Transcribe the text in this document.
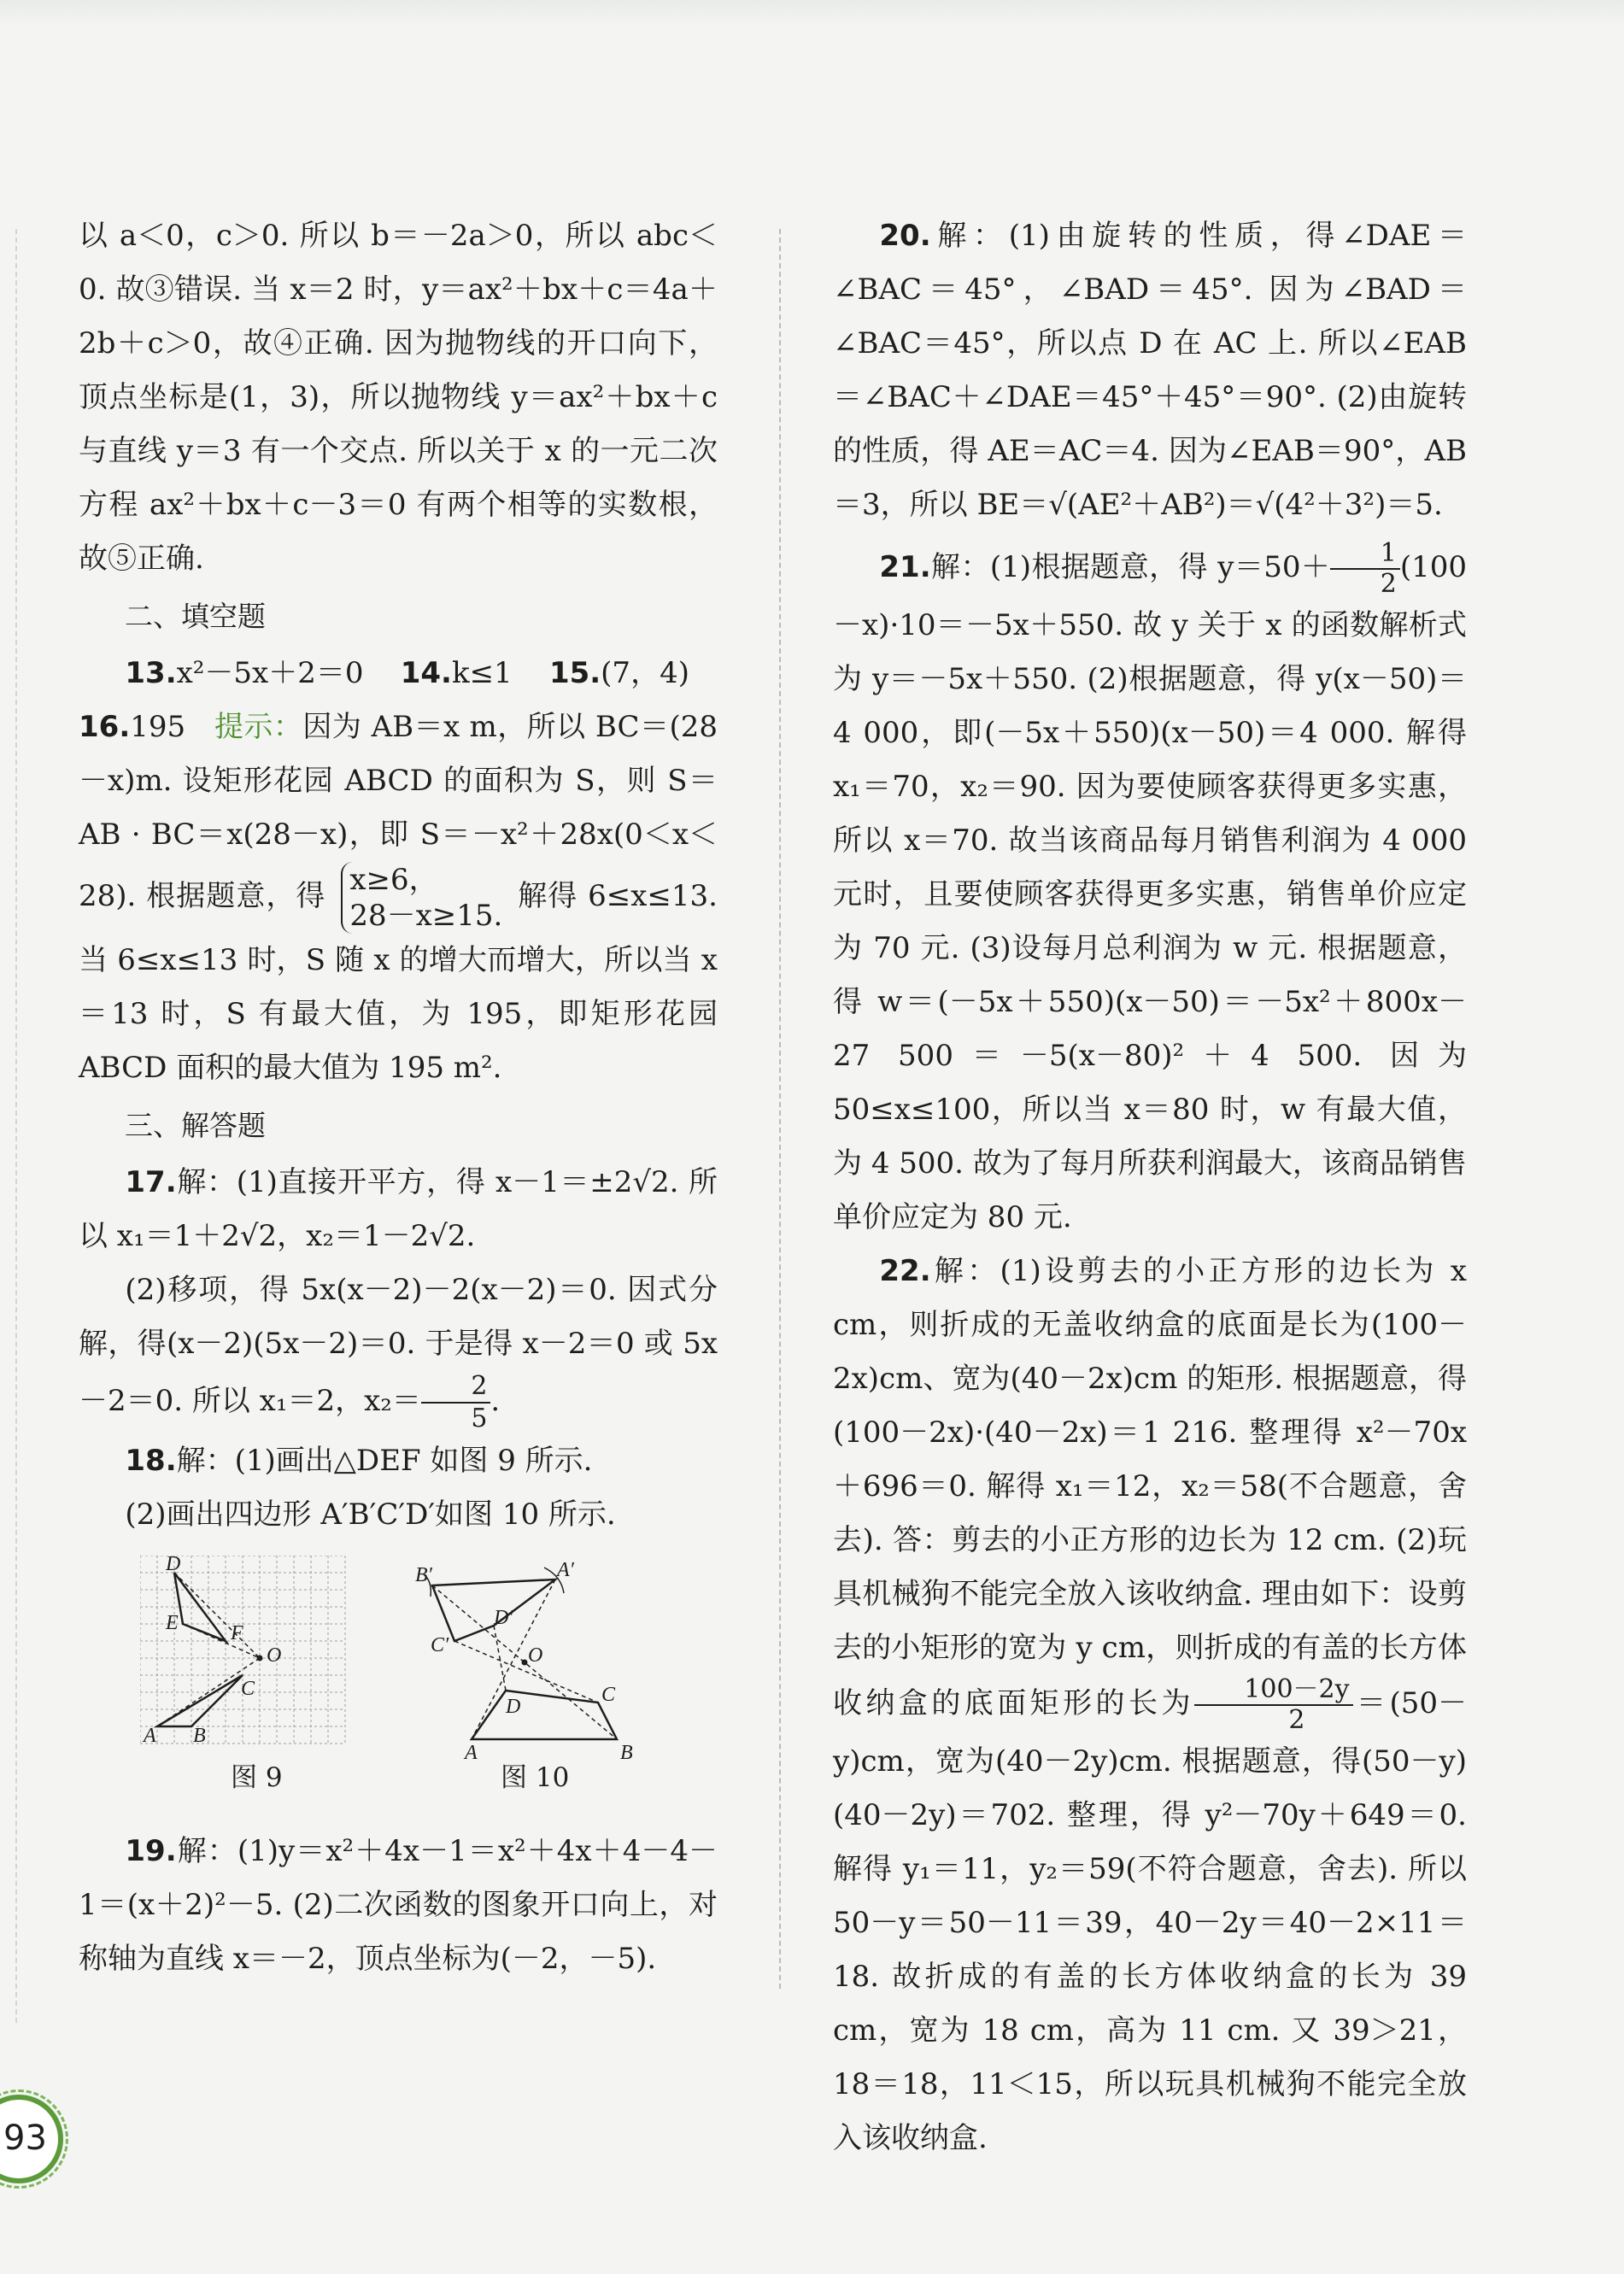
以 a＜0，c＞0. 所以 b＝－2a＞0，所以 abc＜0. 故③错误. 当 x＝2 时，y＝ax²＋bx＋c＝4a＋2b＋c＞0，故④正确. 因为抛物线的开口向下，顶点坐标是(1，3)，所以抛物线 y＝ax²＋bx＋c 与直线 y＝3 有一个交点. 所以关于 x 的一元二次方程 ax²＋bx＋c－3＝0 有两个相等的实数根，故⑤正确.

二、填空题

13.x²－5x＋2＝0 14.k≤1 15.(7，4)

16.195 提示：因为 AB＝x m，所以 BC＝(28－x)m. 设矩形花园 ABCD 的面积为 S，则 S＝AB · BC＝x(28－x)，即 S＝－x²＋28x(0＜x＜28). 根据题意，得 x≥6，
28－x≥15.
解得 6≤x≤13. 当 6≤x≤13 时，S 随 x 的增大而增大，所以当 x＝13 时，S 有最大值，为 195，即矩形花园 ABCD 面积的最大值为 195 m².

三、解答题

17.解：(1)直接开平方，得 x－1＝±2√2. 所以 x₁＝1＋2√2，x₂＝1－2√2.

(2)移项，得 5x(x－2)－2(x－2)＝0. 因式分解，得(x－2)(5x－2)＝0. 于是得 x－2＝0 或 5x－2＝0. 所以 x₁＝2，$x_2= \frac{2}{5}$ .

18.解：(1)画出△DEF 如图 9 所示.

(2)画出四边形 A′B′C′D′如图 10 所示.

D
E	F
O
C
A B
图 9
B′	A′
C′
D′
O
C
D
A	B
图 10

19.解：(1)y＝x²＋4x－1＝x²＋4x＋4－4－1＝(x＋2)²－5. (2)二次函数的图象开口向上，对称轴为直线 x＝－2，顶点坐标为(－2，－5).

20.解：(1)由旋转的性质，得∠DAE＝∠BAC＝45°，∠BAD＝45°. 因为∠BAD＝∠BAC＝45°，所以点 D 在 AC 上. 所以∠EAB＝∠BAC＋∠DAE＝45°＋45°＝90°. (2)由旋转的性质，得 AE＝AC＝4. 因为∠EAB＝90°，AB＝3，所以 BE＝√(AE²＋AB²)＝√(4²＋3²)＝5.

21.解：(1)根据题意，得 $y=50+ \frac{1}{2} (100-x)\cdot 10=-5x+550$. 故 y 关于 x 的函数解析式为 y＝－5x＋550. (2)根据题意，得 y(x－50)＝4 000，即(－5x＋550)(x－50)＝4 000. 解得 x₁＝70，x₂＝90. 因为要使顾客获得更多实惠，所以 x＝70. 故当该商品每月销售利润为 4 000 元时，且要使顾客获得更多实惠，销售单价应定为 70 元. (3)设每月总利润为 w 元. 根据题意，得 w＝(－5x＋550)(x－50)＝－5x²＋800x－27 500＝－5(x－80)²＋4 500. 因为 50≤x≤100，所以当 x＝80 时，w 有最大值，为 4 500. 故为了每月所获利润最大，该商品销售单价应定为 80 元.

22.解：(1)设剪去的小正方形的边长为 x cm，则折成的无盖收纳盒的底面是长为(100－2x)cm、宽为(40－2x)cm 的矩形. 根据题意，得(100－2x)·(40－2x)＝1 216. 整理得 x²－70x＋696＝0. 解得 x₁＝12，x₂＝58(不合题意，舍去). 答：剪去的小正方形的边长为 12 cm. (2)玩具机械狗不能完全放入该收纳盒. 理由如下：设剪去的小矩形的宽为 y cm，则折成的有盖的长方体收纳盒的底面矩形的长为 $\frac{100-2y}{2} =(50-y)cm$，宽为(40－2y)cm. 根据题意，得(50－y)(40－2y)＝702. 整理，得 y²－70y＋649＝0. 解得 y₁＝11，y₂＝59(不符合题意，舍去). 所以 50－y＝50－11＝39，40－2y＝40－2×11＝18. 故折成的有盖的长方体收纳盒的长为 39 cm，宽为 18 cm，高为 11 cm. 又 39＞21，18＝18，11＜15，所以玩具机械狗不能完全放入该收纳盒.

93
